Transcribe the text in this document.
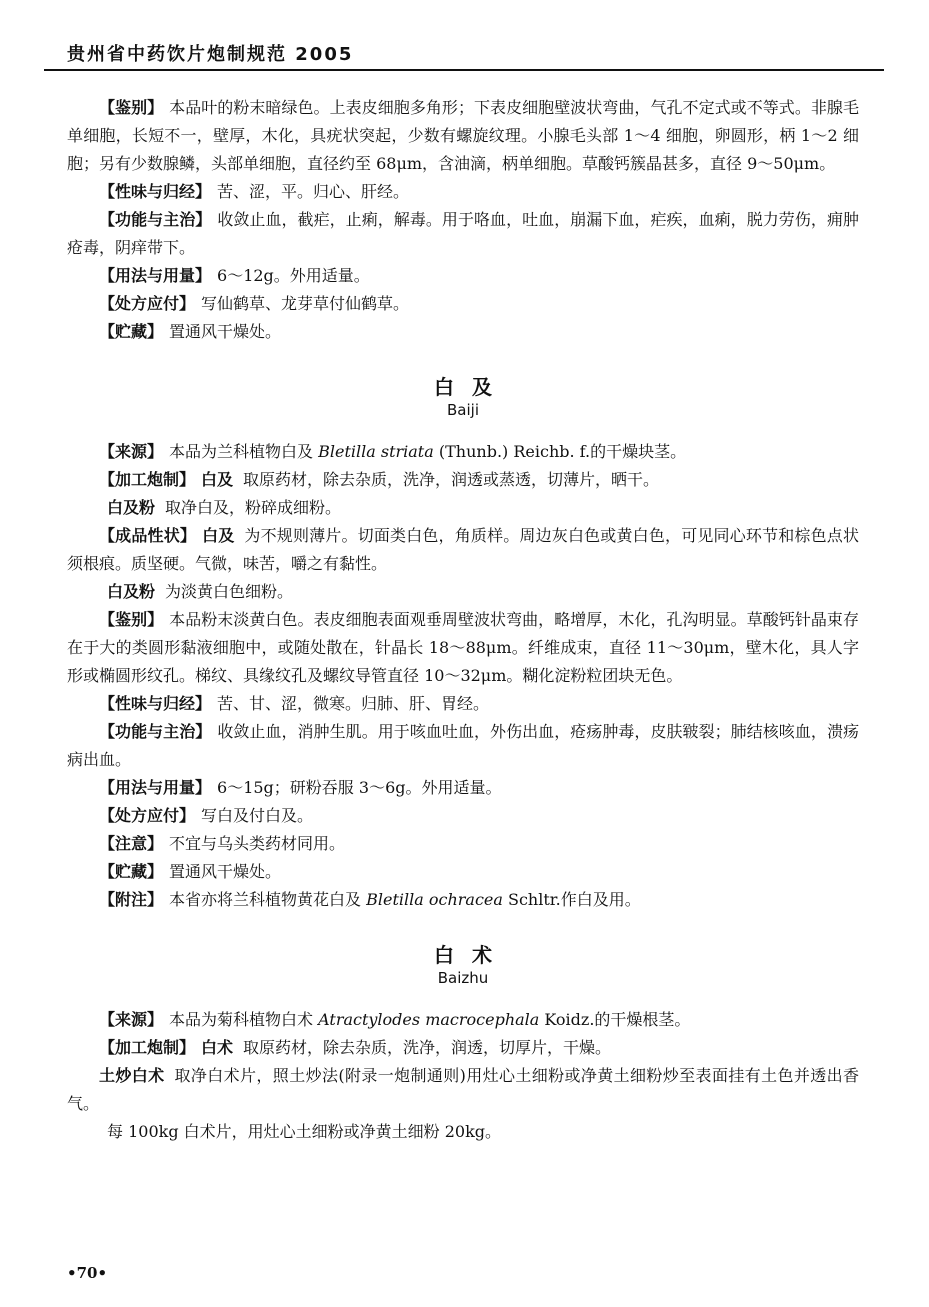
贵州省中药饮片炮制规范 2005

【鉴别】 本品叶的粉末暗绿色。上表皮细胞多角形；下表皮细胞壁波状弯曲，气孔不定式或不等式。非腺毛单细胞，长短不一，壁厚，木化，具疣状突起，少数有螺旋纹理。小腺毛头部 1～4 细胞，卵圆形，柄 1～2 细胞；另有少数腺鳞，头部单细胞，直径约至 68μm，含油滴，柄单细胞。草酸钙簇晶甚多，直径 9～50μm。

【性味与归经】 苦、涩，平。归心、肝经。

【功能与主治】 收敛止血，截疟，止痢，解毒。用于咯血，吐血，崩漏下血，疟疾，血痢，脱力劳伤，痈肿疮毒，阴痒带下。

【用法与用量】 6～12g。外用适量。

【处方应付】 写仙鹤草、龙芽草付仙鹤草。

【贮藏】 置通风干燥处。

白及
Baiji

【来源】 本品为兰科植物白及 Bletilla striata (Thunb.) Reichb. f.的干燥块茎。

【加工炮制】 白及 取原药材，除去杂质，洗净，润透或蒸透，切薄片，晒干。

白及粉 取净白及，粉碎成细粉。

【成品性状】 白及 为不规则薄片。切面类白色，角质样。周边灰白色或黄白色，可见同心环节和棕色点状须根痕。质坚硬。气微，味苦，嚼之有黏性。

白及粉 为淡黄白色细粉。

【鉴别】 本品粉末淡黄白色。表皮细胞表面观垂周壁波状弯曲，略增厚，木化，孔沟明显。草酸钙针晶束存在于大的类圆形黏液细胞中，或随处散在，针晶长 18～88μm。纤维成束，直径 11～30μm，壁木化，具人字形或椭圆形纹孔。梯纹、具缘纹孔及螺纹导管直径 10～32μm。糊化淀粉粒团块无色。

【性味与归经】 苦、甘、涩，微寒。归肺、肝、胃经。

【功能与主治】 收敛止血，消肿生肌。用于咳血吐血，外伤出血，疮疡肿毒，皮肤皲裂；肺结核咳血，溃疡病出血。

【用法与用量】 6～15g；研粉吞服 3～6g。外用适量。

【处方应付】 写白及付白及。

【注意】 不宜与乌头类药材同用。

【贮藏】 置通风干燥处。

【附注】 本省亦将兰科植物黄花白及 Bletilla ochracea Schltr.作白及用。

白术
Baizhu

【来源】 本品为菊科植物白术 Atractylodes macrocephala Koidz.的干燥根茎。

【加工炮制】 白术 取原药材，除去杂质，洗净，润透，切厚片，干燥。

土炒白术 取净白术片，照土炒法(附录一炮制通则)用灶心土细粉或净黄土细粉炒至表面挂有土色并透出香气。

每 100kg 白术片，用灶心土细粉或净黄土细粉 20kg。

•70•
